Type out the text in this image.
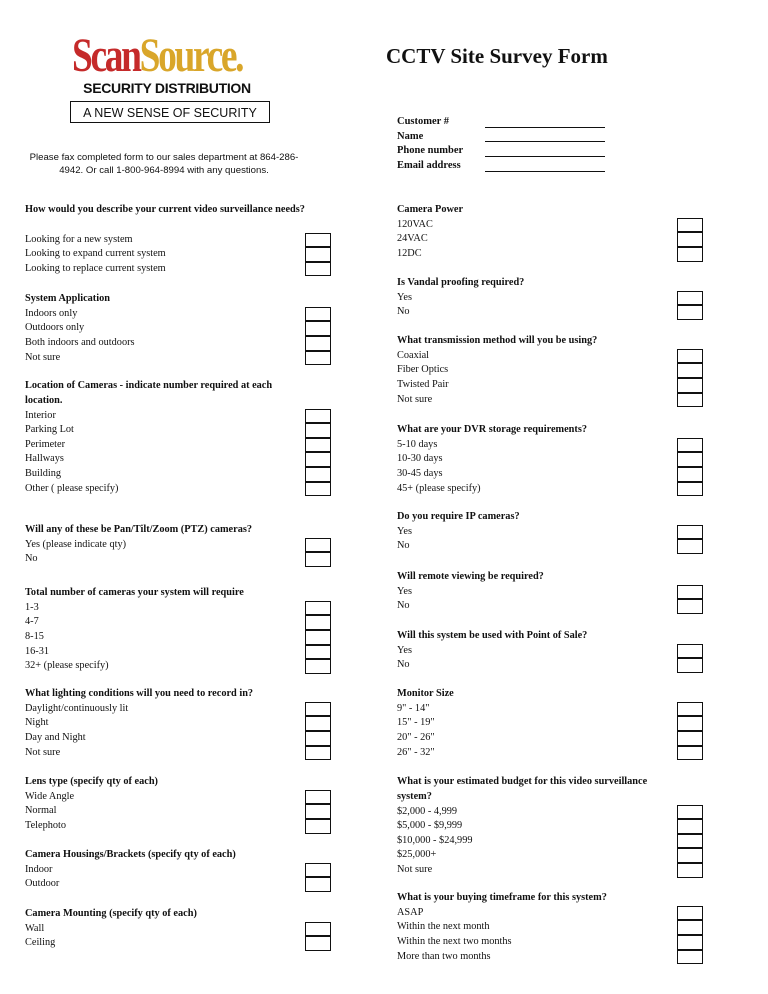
ScanSource.
SECURITY DISTRIBUTION
A NEW SENSE OF SECURITY
CCTV Site Survey Form
Please fax completed form to our sales department at 864-286-4942. Or call 1-800-964-8994 with any questions.
Customer #
Name
Phone number
Email address
How would you describe your current video surveillance needs?
Looking for a new system
Looking to expand current system
Looking to replace current system
System Application
Indoors only
Outdoors only
Both indoors and outdoors
Not sure
Location of Cameras - indicate number required at each location.
Interior
Parking Lot
Perimeter
Hallways
Building
Other ( please specify)
Will any of these be Pan/Tilt/Zoom (PTZ) cameras?
Yes (please indicate qty)
No
Total number of cameras your system will require
1-3
4-7
8-15
16-31
32+ (please specify)
What lighting conditions will you need to record in?
Daylight/continuously lit
Night
Day and Night
Not sure
Lens type (specify qty of each)
Wide Angle
Normal
Telephoto
Camera Housings/Brackets (specify qty of each)
Indoor
Outdoor
Camera Mounting (specify qty of each)
Wall
Ceiling
Camera Power
120VAC
24VAC
12DC
Is Vandal proofing required?
Yes
No
What transmission method will you be using?
Coaxial
Fiber Optics
Twisted Pair
Not sure
What are your DVR storage requirements?
5-10 days
10-30 days
30-45 days
45+ (please specify)
Do you require IP cameras?
Yes
No
Will remote viewing be required?
Yes
No
Will this system be used with Point of Sale?
Yes
No
Monitor Size
9" - 14"
15" - 19"
20" - 26"
26" - 32"
What is your estimated budget for this video surveillance system?
$2,000 - 4,999
$5,000 - $9,999
$10,000 - $24,999
$25,000+
Not sure
What is your buying timeframe for this system?
ASAP
Within the next month
Within the next two months
More than two months
